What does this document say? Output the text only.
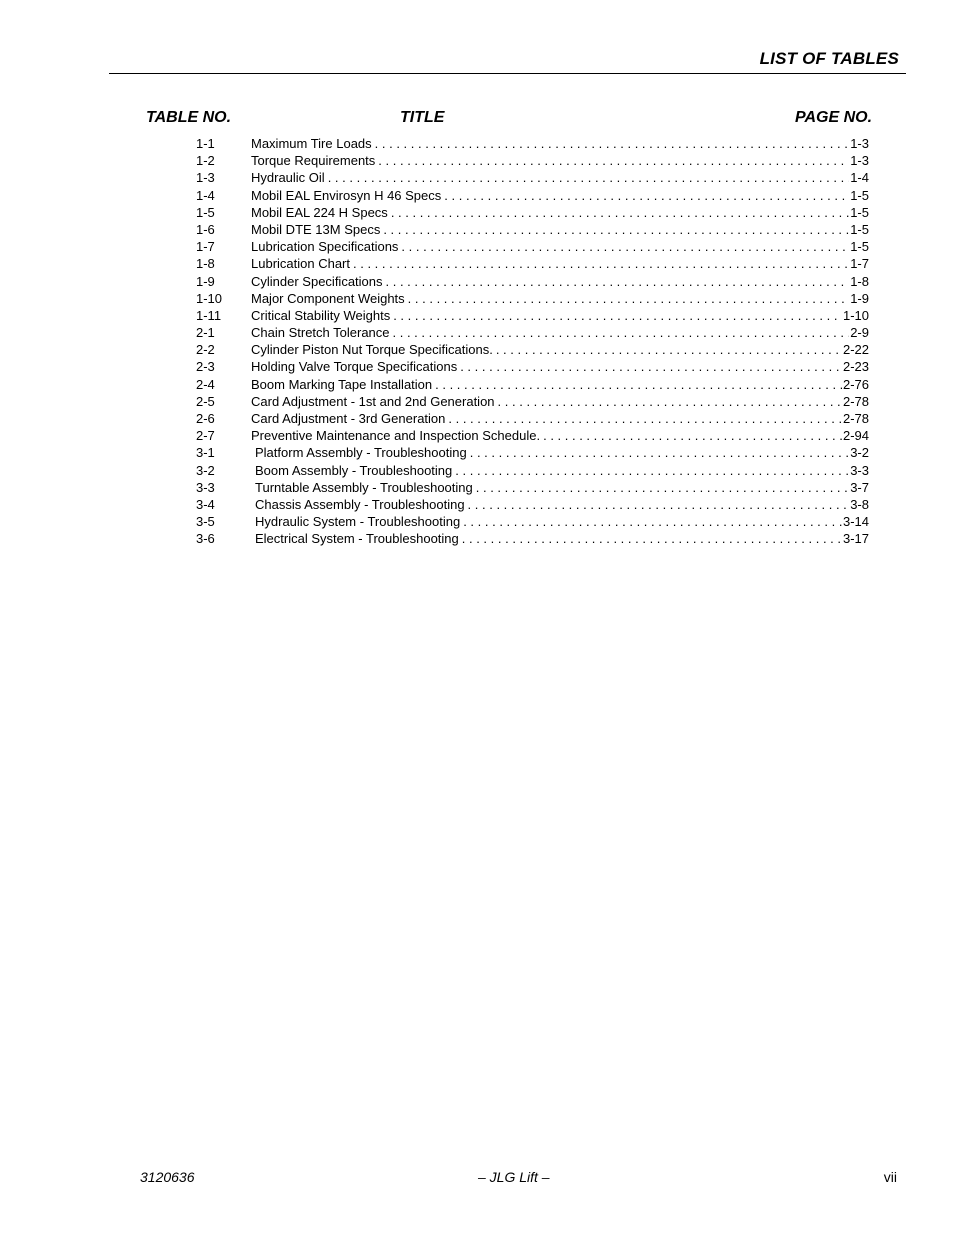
LIST OF TABLES
TABLE NO.	TITLE	PAGE NO.
1-1	Maximum Tire Loads . . .	1-3
1-2	Torque Requirements . . .	1-3
1-3	Hydraulic Oil . . .	1-4
1-4	Mobil EAL Envirosyn H 46 Specs . . .	1-5
1-5	Mobil EAL 224 H Specs . . .	1-5
1-6	Mobil DTE 13M Specs . . .	1-5
1-7	Lubrication Specifications . . .	1-5
1-8	Lubrication Chart . . .	1-7
1-9	Cylinder Specifications . . .	1-8
1-10 Major Component Weights . . .	1-9
1-11 Critical Stability Weights . . .	1-10
2-1	Chain Stretch Tolerance . . .	2-9
2-2	Cylinder Piston Nut Torque Specifications. . . .	2-22
2-3	Holding Valve Torque Specifications . . .	2-23
2-4	Boom Marking Tape Installation . . .	2-76
2-5	Card Adjustment - 1st and 2nd Generation . . .	2-78
2-6	Card Adjustment - 3rd Generation . . .	2-78
2-7	Preventive Maintenance and Inspection Schedule. . . .	2-94
3-1	Platform Assembly - Troubleshooting . . .	3-2
3-2	Boom Assembly - Troubleshooting . . .	3-3
3-3	Turntable Assembly - Troubleshooting . . .	3-7
3-4	Chassis Assembly - Troubleshooting . . .	3-8
3-5	Hydraulic System - Troubleshooting . . .	3-14
3-6	Electrical System - Troubleshooting . . .	3-17
3120636	– JLG Lift –	vii
